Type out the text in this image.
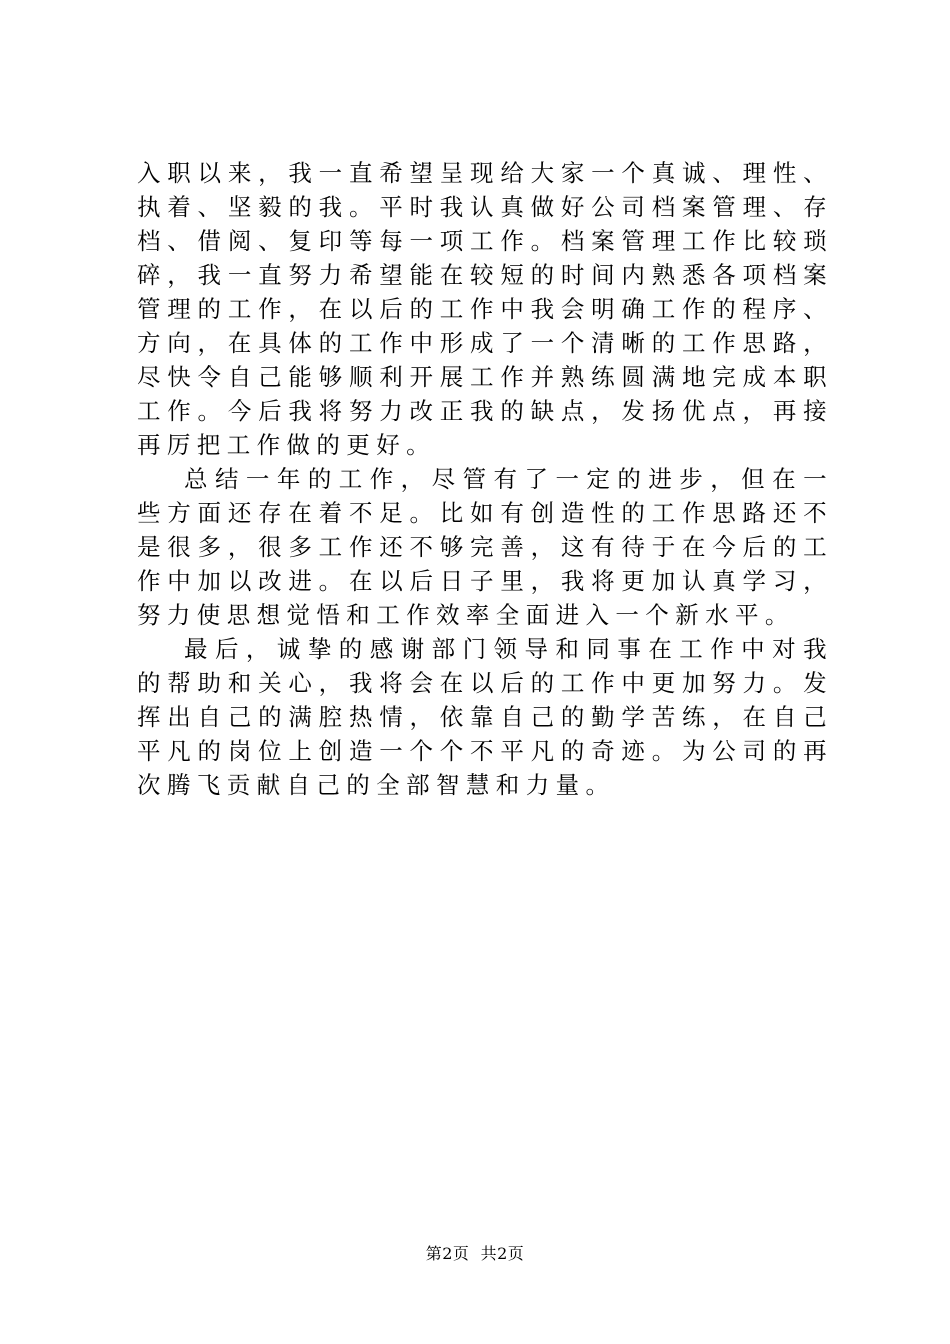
入职以来，我一直希望呈现给大家一个真诚、理性、执着、坚毅的我。平时我认真做好公司档案管理、存档、借阅、复印等每一项工作。档案管理工作比较琐碎，我一直努力希望能在较短的时间内熟悉各项档案管理的工作，在以后的工作中我会明确工作的程序、方向，在具体的工作中形成了一个清晰的工作思路，尽快令自己能够顺利开展工作并熟练圆满地完成本职工作。今后我将努力改正我的缺点，发扬优点，再接再厉把工作做的更好。

总结一年的工作，尽管有了一定的进步，但在一些方面还存在着不足。比如有创造性的工作思路还不是很多，很多工作还不够完善，这有待于在今后的工作中加以改进。在以后日子里，我将更加认真学习，努力使思想觉悟和工作效率全面进入一个新水平。

最后，诚挚的感谢部门领导和同事在工作中对我的帮助和关心，我将会在以后的工作中更加努力。发挥出自己的满腔热情，依靠自己的勤学苦练，在自己平凡的岗位上创造一个个不平凡的奇迹。为公司的再次腾飞贡献自己的全部智慧和力量。

第2页  共2页
